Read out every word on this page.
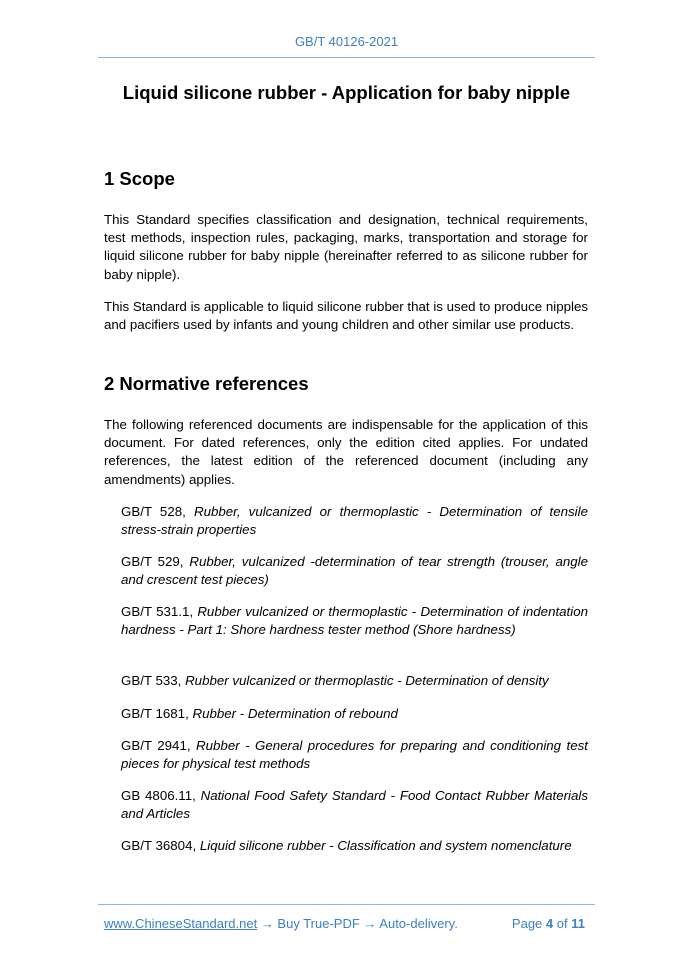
GB/T 40126-2021
Liquid silicone rubber - Application for baby nipple
1 Scope

This Standard specifies classification and designation, technical requirements, test methods, inspection rules, packaging, marks, transportation and storage for liquid silicone rubber for baby nipple (hereinafter referred to as silicone rubber for baby nipple).

This Standard is applicable to liquid silicone rubber that is used to produce nipples and pacifiers used by infants and young children and other similar use products.

2 Normative references

The following referenced documents are indispensable for the application of this document. For dated references, only the edition cited applies. For undated references, the latest edition of the referenced document (including any amendments) applies.

GB/T 528, Rubber, vulcanized or thermoplastic - Determination of tensile stress-strain properties

GB/T 529, Rubber, vulcanized -determination of tear strength (trouser, angle and crescent test pieces)

GB/T 531.1, Rubber vulcanized or thermoplastic - Determination of indentation hardness - Part 1: Shore hardness tester method (Shore hardness)

GB/T 533, Rubber vulcanized or thermoplastic - Determination of density

GB/T 1681, Rubber - Determination of rebound

GB/T 2941, Rubber - General procedures for preparing and conditioning test pieces for physical test methods

GB 4806.11, National Food Safety Standard - Food Contact Rubber Materials and Articles

GB/T 36804, Liquid silicone rubber - Classification and system nomenclature

www.ChineseStandard.net → Buy True-PDF → Auto-delivery.	Page 4 of 11
